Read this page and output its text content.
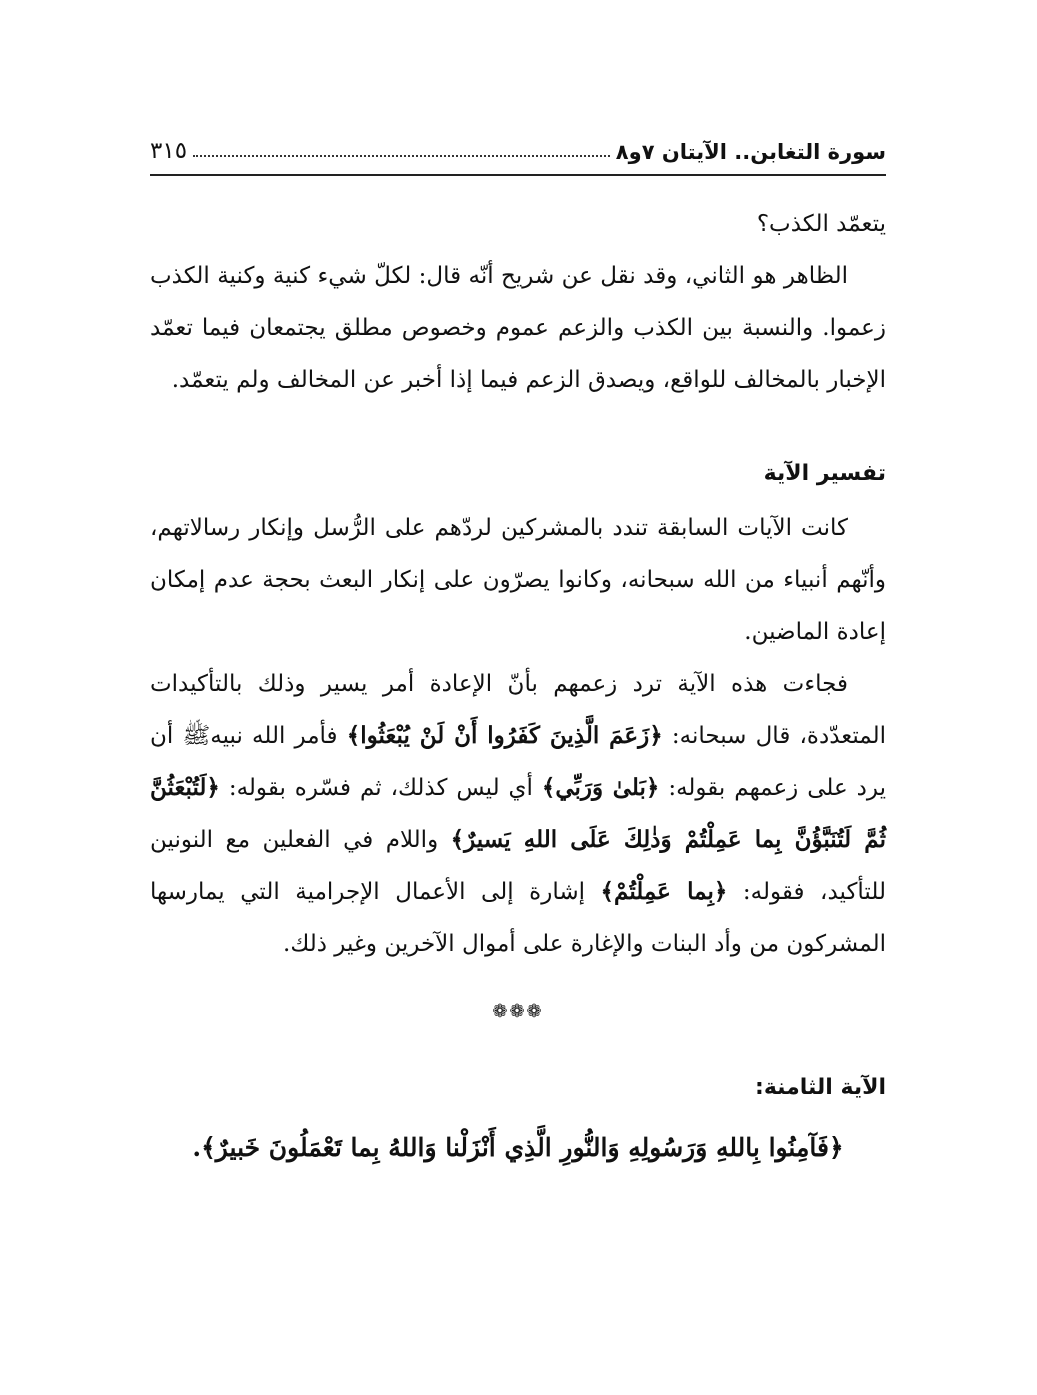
سورة التغابن.. الآيتان ٧و٨
٣١٥

يتعمّد الكذب؟

الظاهر هو الثاني، وقد نقل عن شريح أنّه قال: لكلّ شيء كنية وكنية الكذب زعموا. والنسبة بين الكذب والزعم عموم وخصوص مطلق يجتمعان فيما تعمّد الإخبار بالمخالف للواقع، ويصدق الزعم فيما إذا أخبر عن المخالف ولم يتعمّد.

تفسير الآية

كانت الآيات السابقة تندد بالمشركين لردّهم على الرُّسل وإنكار رسالاتهم، وأنّهم أنبياء من الله سبحانه، وكانوا يصرّون على إنكار البعث بحجة عدم إمكان إعادة الماضين.

فجاءت هذه الآية ترد زعمهم بأنّ الإعادة أمر يسير وذلك بالتأكيدات المتعدّدة، قال سبحانه: ﴿زَعَمَ الَّذِينَ كَفَرُوا أَنْ لَنْ يُبْعَثُوا﴾ فأمر الله نبيهﷺ أن يرد على زعمهم بقوله: ﴿بَلىٰ وَرَبِّي﴾ أي ليس كذلك، ثم فسّره بقوله: ﴿لَتُبْعَثُنَّ ثُمَّ لَتُنَبَّؤُنَّ بِما عَمِلْتُمْ وَذٰلِكَ عَلَى اللهِ يَسيرٌ﴾ واللام في الفعلين مع النونين للتأكيد، فقوله: ﴿بِما عَمِلْتُمْ﴾ إشارة إلى الأعمال الإجرامية التي يمارسها المشركون من وأد البنات والإغارة على أموال الآخرين وغير ذلك.

❁❁❁
الآية الثامنة:
﴿فَآمِنُوا بِاللهِ وَرَسُولِهِ وَالنُّورِ الَّذِي أَنْزَلْنا وَاللهُ بِما تَعْمَلُونَ خَبيرٌ﴾.
